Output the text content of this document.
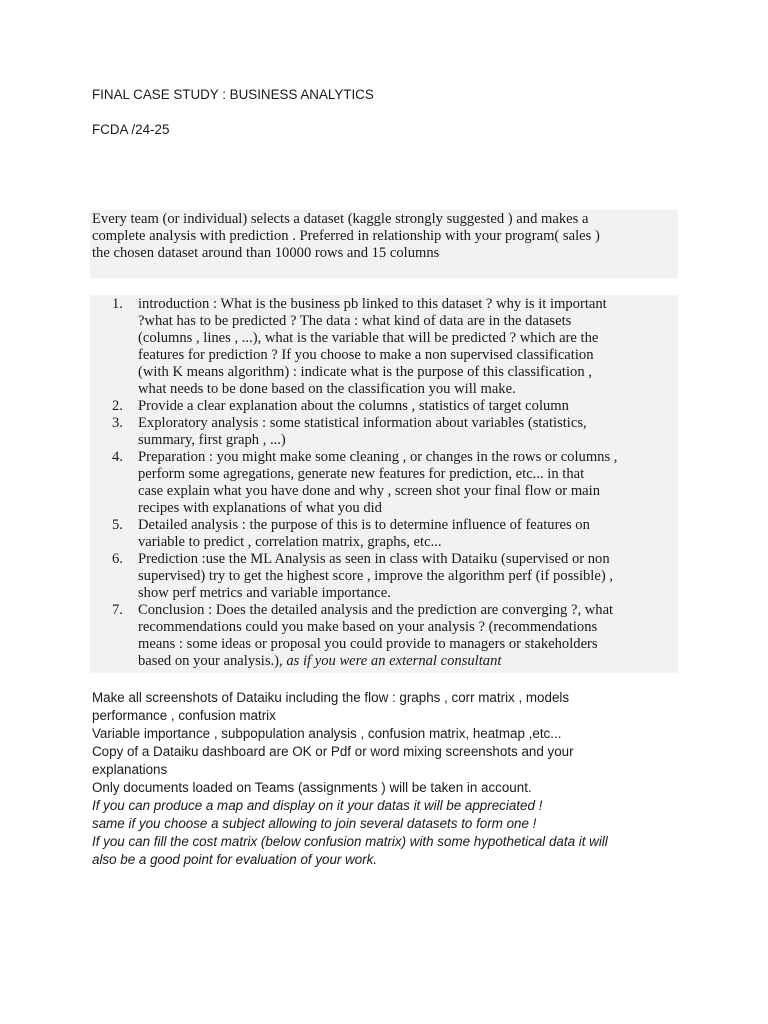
FINAL CASE STUDY : BUSINESS ANALYTICS
FCDA /24-25
Every team (or individual) selects a dataset (kaggle strongly suggested ) and makes a
complete analysis with prediction . Preferred in relationship with your program( sales )
the chosen dataset around than 10000 rows and 15 columns
1. introduction : What is the business pb linked to this dataset ? why is it important
?what has to be predicted ? The data : what kind of data are in the datasets
(columns , lines , ...), what is the variable that will be predicted ? which are the
features for prediction ? If you choose to make a non supervised classification
(with K means algorithm) : indicate what is the purpose of this classification ,
what needs to be done based on the classification you will make.
2. Provide a clear explanation about the columns , statistics of target column
3. Exploratory analysis : some statistical information about variables (statistics,
summary, first graph , ...)
4. Preparation : you might make some cleaning , or changes in the rows or columns ,
perform some agregations, generate new features for prediction, etc... in that
case explain what you have done and why , screen shot your final flow or main
recipes with explanations of what you did
5. Detailed analysis : the purpose of this is to determine influence of features on
variable to predict , correlation matrix, graphs, etc...
6. Prediction :use the ML Analysis as seen in class with Dataiku (supervised or non
supervised) try to get the highest score , improve the algorithm perf (if possible) ,
show perf metrics and variable importance.
7. Conclusion : Does the detailed analysis and the prediction are converging ?, what
recommendations could you make based on your analysis ? (recommendations
means : some ideas or proposal you could provide to managers or stakeholders
based on your analysis.), as if you were an external consultant

Make all screenshots of Dataiku including the flow : graphs , corr matrix , models

performance , confusion matrix

Variable importance , subpopulation analysis , confusion matrix, heatmap ,etc...

Copy of a Dataiku dashboard are OK or Pdf or word mixing screenshots and your

explanations

Only documents loaded on Teams (assignments ) will be taken in account.

If you can produce a map and display on it your datas it will be appreciated !

same if you choose a subject allowing to join several datasets to form one !

If you can fill the cost matrix (below confusion matrix) with some hypothetical data it will

also be a good point for evaluation of your work.
